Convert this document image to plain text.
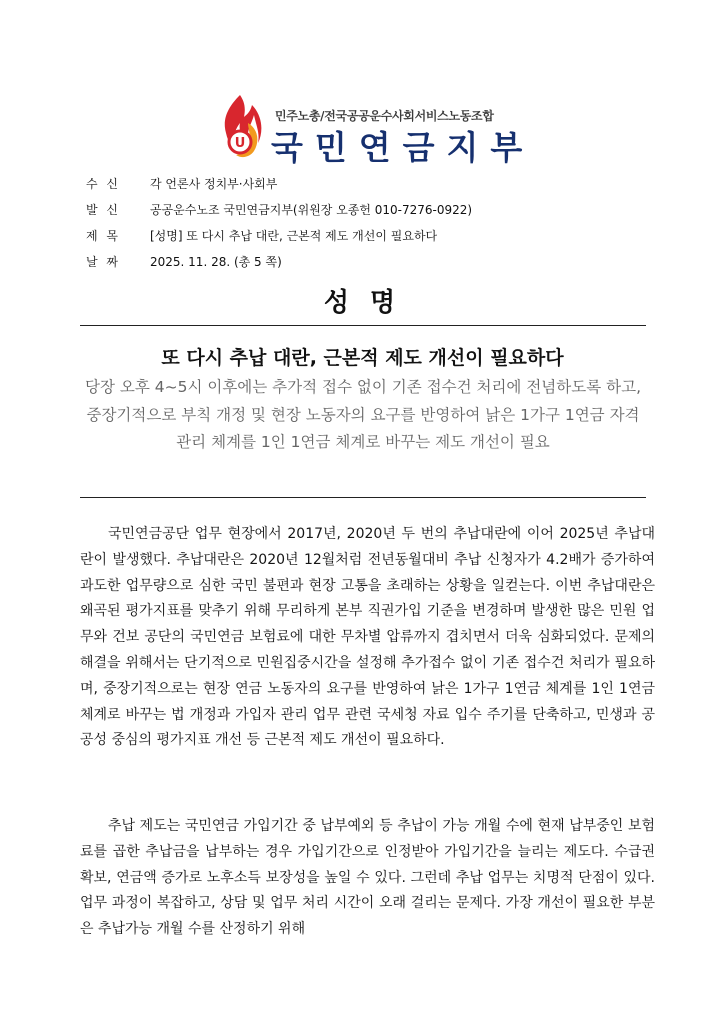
U
민주노총/전국공공운수사회서비스노동조합
국민연금지부
수 신	각 언론사 정치부·사회부
발 신	공공운수노조 국민연금지부(위원장 오종헌 010-7276-0922)
제 목	[성명] 또 다시 추납 대란, 근본적 제도 개선이 필요하다
날 짜	2025. 11. 28. (총 5 쪽)
성 명
또 다시 추납 대란, 근본적 제도 개선이 필요하다
당장 오후 4~5시 이후에는 추가적 접수 없이 기존 접수건 처리에 전념하도록 하고, 중장기적으로 부칙 개정 및 현장 노동자의 요구를 반영하여 낡은 1가구 1연금 자격관리 체계를 1인 1연금 체계로 바꾸는 제도 개선이 필요
국민연금공단 업무 현장에서 2017년, 2020년 두 번의 추납대란에 이어 2025년 추납대란이 발생했다. 추납대란은 2020년 12월처럼 전년동월대비 추납 신청자가 4.2배가 증가하여 과도한 업무량으로 심한 국민 불편과 현장 고통을 초래하는 상황을 일컫는다. 이번 추납대란은 왜곡된 평가지표를 맞추기 위해 무리하게 본부 직권가입 기준을 변경하며 발생한 많은 민원 업무와 건보 공단의 국민연금 보험료에 대한 무차별 압류까지 겹치면서 더욱 심화되었다. 문제의 해결을 위해서는 단기적으로 민원집중시간을 설정해 추가접수 없이 기존 접수건 처리가 필요하며, 중장기적으로는 현장 연금 노동자의 요구를 반영하여 낡은 1가구 1연금 체계를 1인 1연금 체계로 바꾸는 법 개정과 가입자 관리 업무 관련 국세청 자료 입수 주기를 단축하고, 민생과 공공성 중심의 평가지표 개선 등 근본적 제도 개선이 필요하다.
추납 제도는 국민연금 가입기간 중 납부예외 등 추납이 가능 개월 수에 현재 납부중인 보험료를 곱한 추납금을 납부하는 경우 가입기간으로 인정받아 가입기간을 늘리는 제도다. 수급권 확보, 연금액 증가로 노후소득 보장성을 높일 수 있다. 그런데 추납 업무는 치명적 단점이 있다. 업무 과정이 복잡하고, 상담 및 업무 처리 시간이 오래 걸리는 문제다. 가장 개선이 필요한 부분은 추납가능 개월 수를 산정하기 위해
